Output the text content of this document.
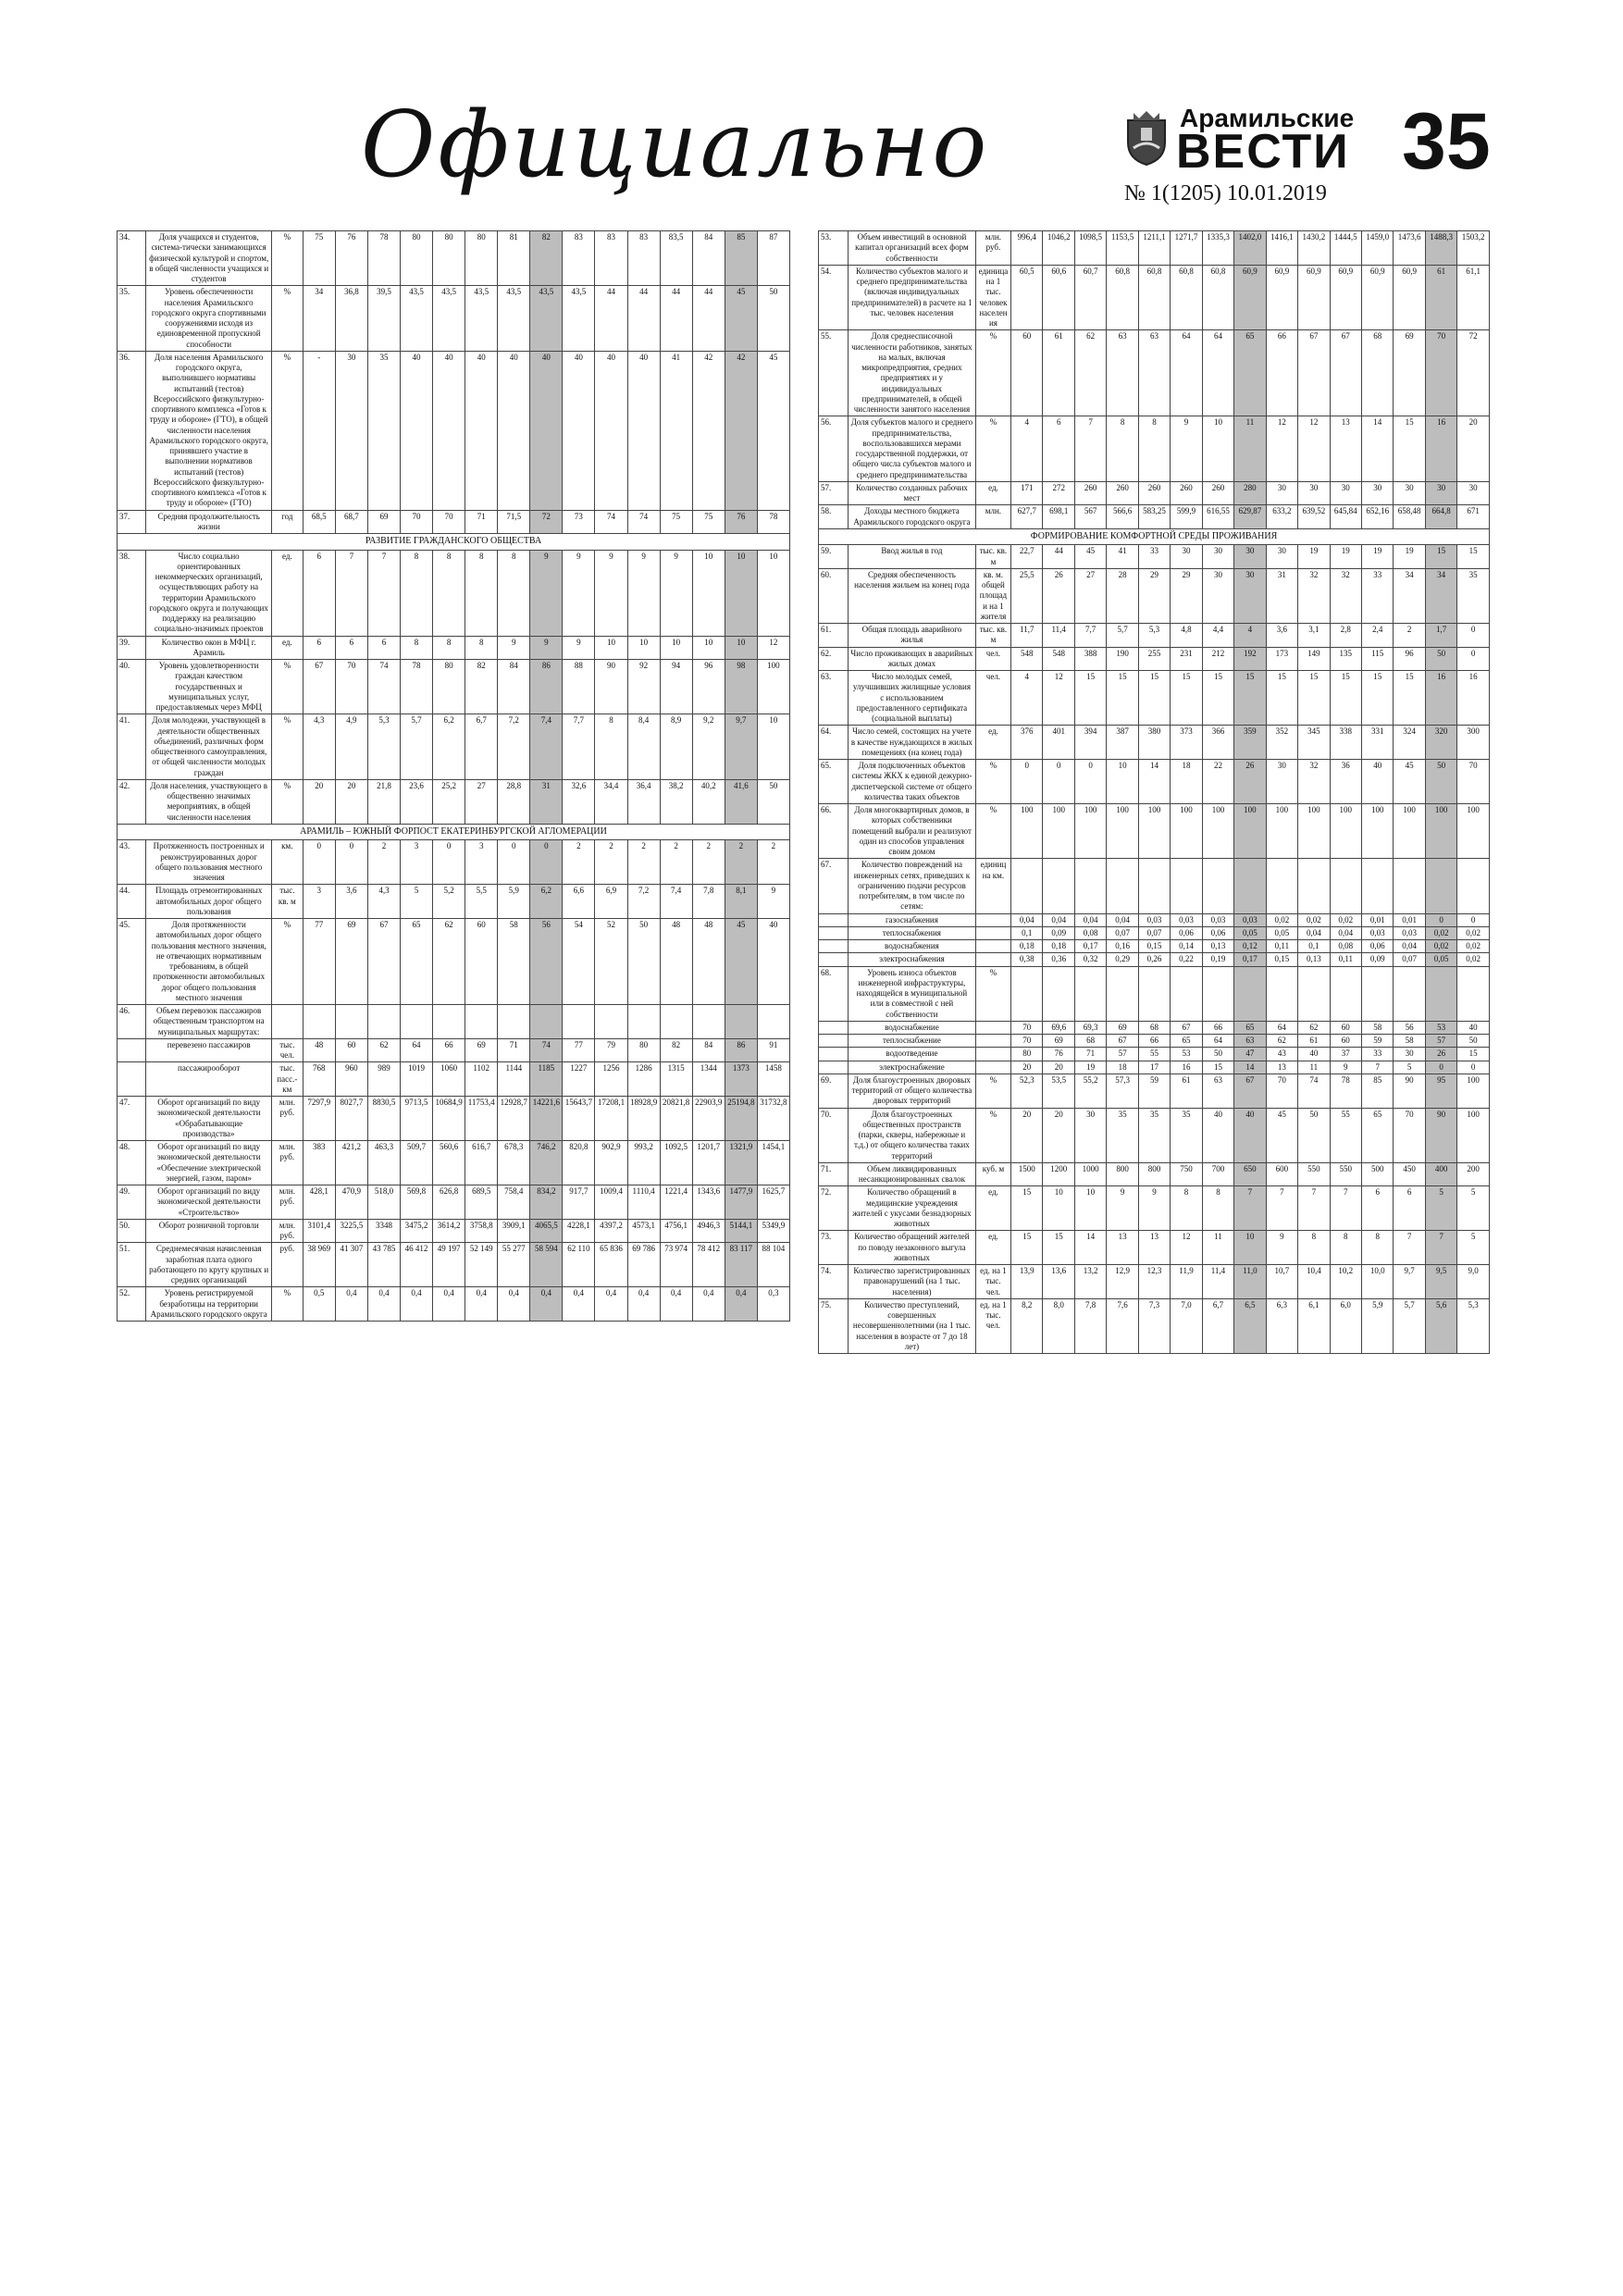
Официально	Арамильские
ВЕСТИ
№ 1(1205) 10.01.2019
35
34.	Доля учащихся и студентов, система-тически занимающихся физической культурой и спортом, в общей численности учащихся и студентов	%	75	76	78	80	80	80	81	82	83	83	83	83,5	84	85	87
35.	Уровень обеспеченности населения Арамильского городского округа спортивными сооружениями исходя из единовременной пропускной способности	%	34	36,8	39,5	43,5	43,5	43,5	43,5	43,5	43,5	44	44	44	44	45	50
36.	Доля населения Арамильского городского округа, выполнившего нормативы испытаний (тестов) Всероссийского физкультурно-спортивного комплекса «Готов к труду и обороне» (ГТО), в общей численности населения Арамильского городского округа, принявшего участие в выполнении нормативов испытаний (тестов) Всероссийского физкультурно-спортивного комплекса «Готов к труду и обороне» (ГТО)	%	-	30	35	40	40	40	40	40	40	40	40	41	42	42	45
37.	Средняя продолжительность жизни	год	68,5	68,7	69	70	70	71	71,5	72	73	74	74	75	75	76	78
РАЗВИТИЕ ГРАЖДАНСКОГО ОБЩЕСТВА																	
38.	Число социально ориентированных некоммерческих организаций, осуществляющих работу на территории Арамильского городского округа и получающих поддержку на реализацию социально-значимых проектов	ед.	6	7	7	8	8	8	8	9	9	9	9	9	10	10	10
39.	Количество окон в МФЦ г. Арамиль	ед.	6	6	6	8	8	8	9	9	9	10	10	10	10	10	12
40.	Уровень удовлетворенности граждан качеством государственных и муниципальных услуг, предоставляемых через МФЦ	%	67	70	74	78	80	82	84	86	88	90	92	94	96	98	100
41.	Доля молодежи, участвующей в деятельности общественных объединений, различных форм общественного самоуправления, от общей численности молодых граждан	%	4,3	4,9	5,3	5,7	6,2	6,7	7,2	7,4	7,7	8	8,4	8,9	9,2	9,7	10
42.	Доля населения, участвующего в общественно значимых мероприятиях, в общей численности населения	%	20	20	21,8	23,6	25,2	27	28,8	31	32,6	34,4	36,4	38,2	40,2	41,6	50
АРАМИЛЬ – ЮЖНЫЙ ФОРПОСТ ЕКАТЕРИНБУРГСКОЙ АГЛОМЕРАЦИИ																	
43.	Протяженность построенных и реконструированных дорог общего пользования местного значения	км.	0	0	2	3	0	3	0	0	2	2	2	2	2	2	2
44.	Площадь отремонтированных автомобильных дорог общего пользования	тыс. кв. м	3	3,6	4,3	5	5,2	5,5	5,9	6,2	6,6	6,9	7,2	7,4	7,8	8,1	9
45.	Доля протяженности автомобильных дорог общего пользования местного значения, не отвечающих нормативным требованиям, в общей протяженности автомобильных дорог общего пользования местного значения	%	77	69	67	65	62	60	58	56	54	52	50	48	48	45	40
46.	Объем перевозок пассажиров общественным транспортом на муниципальных маршрутах:																
	перевезено пассажиров	тыс. чел.	48	60	62	64	66	69	71	74	77	79	80	82	84	86	91
	пассажирооборот	тыс. пасс.-км	768	960	989	1019	1060	1102	1144	1185	1227	1256	1286	1315	1344	1373	1458
47.	Оборот организаций по виду экономической деятельности «Обрабатывающие производства»	млн. руб.	7297,9	8027,7	8830,5	9713,5	10684,9	11753,4	12928,7	14221,6	15643,7	17208,1	18928,9	20821,8	22903,9	25194,8	31732,8
48.	Оборот организаций по виду экономической деятельности «Обеспечение электрической энергией, газом, паром»	млн. руб.	383	421,2	463,3	509,7	560,6	616,7	678,3	746,2	820,8	902,9	993,2	1092,5	1201,7	1321,9	1454,1
49.	Оборот организаций по виду экономической деятельности «Строительство»	млн. руб.	428,1	470,9	518,0	569,8	626,8	689,5	758,4	834,2	917,7	1009,4	1110,4	1221,4	1343,6	1477,9	1625,7
50.	Оборот розничной торговли	млн. руб.	3101,4	3225,5	3348	3475,2	3614,2	3758,8	3909,1	4065,5	4228,1	4397,2	4573,1	4756,1	4946,3	5144,1	5349,9
51.	Среднемесячная начисленная заработная плата одного работающего по кругу крупных и средних организаций	руб.	38 969	41 307	43 785	46 412	49 197	52 149	55 277	58 594	62 110	65 836	69 786	73 974	78 412	83 117	88 104
52.	Уровень регистрируемой безработицы на территории Арамильского городского округа	%	0,5	0,4	0,4	0,4	0,4	0,4	0,4	0,4	0,4	0,4	0,4	0,4	0,4	0,4	0,3
53.	Объем инвестиций в основной капитал организаций всех форм собственности	млн. руб.	996,4	1046,2	1098,5	1153,5	1211,1	1271,7	1335,3	1402,0	1416,1	1430,2	1444,5	1459,0	1473,6	1488,3	1503,2
54.	Количество субъектов малого и среднего предпринимательства (включая индивидуальных предпринимателей) в расчете на 1 тыс. человек населения	единица на 1 тыс. человек населения	60,5	60,6	60,7	60,8	60,8	60,8	60,8	60,9	60,9	60,9	60,9	60,9	60,9	61	61,1
55.	Доля среднесписочной численности работников, занятых на малых, включая микропредприятия, средних предприятиях и у индивидуальных предпринимателей, в общей численности занятого населения	%	60	61	62	63	63	64	64	65	66	67	67	68	69	70	72
56.	Доля субъектов малого и среднего предпринимательства, воспользовавшихся мерами государственной поддержки, от общего числа субъектов малого и среднего предпринимательства	%	4	6	7	8	8	9	10	11	12	12	13	14	15	16	20
57.	Количество созданных рабочих мест	ед.	171	272	260	260	260	260	260	280	30	30	30	30	30	30	30
58.	Доходы местного бюджета Арамильского городского округа	млн.	627,7	698,1	567	566,6	583,25	599,9	616,55	629,87	633,2	639,52	645,84	652,16	658,48	664,8	671
ФОРМИРОВАНИЕ КОМФОРТНОЙ СРЕДЫ ПРОЖИВАНИЯ																	
59.	Ввод жилья в год	тыс. кв. м	22,7	44	45	41	33	30	30	30	30	19	19	19	19	15	15
60.	Средняя обеспеченность населения жильем на конец года	кв. м. общей площади на 1 жителя	25,5	26	27	28	29	29	30	30	31	32	32	33	34	34	35
61.	Общая площадь аварийного жилья	тыс. кв. м	11,7	11,4	7,7	5,7	5,3	4,8	4,4	4	3,6	3,1	2,8	2,4	2	1,7	0
62.	Число проживающих в аварийных жилых домах	чел.	548	548	388	190	255	231	212	192	173	149	135	115	96	50	0
63.	Число молодых семей, улучшивших жилищные условия с использованием предоставленного сертификата (социальной выплаты)	чел.	4	12	15	15	15	15	15	15	15	15	15	15	15	16	16
64.	Число семей, состоящих на учете в качестве нуждающихся в жилых помещениях (на конец года)	ед.	376	401	394	387	380	373	366	359	352	345	338	331	324	320	300
65.	Доля подключенных объектов системы ЖКХ к единой дежурно-диспетчерской системе от общего количества таких объектов	%	0	0	0	10	14	18	22	26	30	32	36	40	45	50	70
66.	Доля многоквартирных домов, в которых собственники помещений выбрали и реализуют один из способов управления своим домом	%	100	100	100	100	100	100	100	100	100	100	100	100	100	100	100
67.	Количество повреждений на инженерных сетях, приведших к ограничению подачи ресурсов потребителям, в том числе по сетям:	единиц на км.															
	газоснабжения		0,04	0,04	0,04	0,04	0,03	0,03	0,03	0,03	0,02	0,02	0,02	0,01	0,01	0	0
	теплоснабжения		0,1	0,09	0,08	0,07	0,07	0,06	0,06	0,05	0,05	0,04	0,04	0,03	0,03	0,02	0,02
	водоснабжения		0,18	0,18	0,17	0,16	0,15	0,14	0,13	0,12	0,11	0,1	0,08	0,06	0,04	0,02	0,02
	электроснабжения		0,38	0,36	0,32	0,29	0,26	0,22	0,19	0,17	0,15	0,13	0,11	0,09	0,07	0,05	0,02
68.	Уровень износа объектов инженерной инфраструктуры, находящейся в муниципальной или в совместной с ней собственности	%															
	водоснабжение		70	69,6	69,3	69	68	67	66	65	64	62	60	58	56	53	40
	теплоснабжение		70	69	68	67	66	65	64	63	62	61	60	59	58	57	50
	водоотведение		80	76	71	57	55	53	50	47	43	40	37	33	30	26	15
	электроснабжение		20	20	19	18	17	16	15	14	13	11	9	7	5	0	0
69.	Доля благоустроенных дворовых территорий от общего количества дворовых территорий	%	52,3	53,5	55,2	57,3	59	61	63	67	70	74	78	85	90	95	100
70.	Доля благоустроенных общественных пространств (парки, скверы, набережные и т.д.) от общего количества таких территорий	%	20	20	30	35	35	35	40	40	45	50	55	65	70	90	100
71.	Объем ликвидированных несанкционированных свалок	куб. м	1500	1200	1000	800	800	750	700	650	600	550	550	500	450	400	200
72.	Количество обращений в медицинские учреждения жителей с укусами безнадзорных животных	ед.	15	10	10	9	9	8	8	7	7	7	7	6	6	5	5
73.	Количество обращений жителей по поводу незаконного выгула животных	ед.	15	15	14	13	13	12	11	10	9	8	8	8	7	7	5
74.	Количество зарегистрированных правонарушений (на 1 тыс. населения)	ед. на 1 тыс. чел.	13,9	13,6	13,2	12,9	12,3	11,9	11,4	11,0	10,7	10,4	10,2	10,0	9,7	9,5	9,0
75.	Количество преступлений, совершенных несовершеннолетними (на 1 тыс. населения в возрасте от 7 до 18 лет)	ед. на 1 тыс. чел.	8,2	8,0	7,8	7,6	7,3	7,0	6,7	6,5	6,3	6,1	6,0	5,9	5,7	5,6	5,3
